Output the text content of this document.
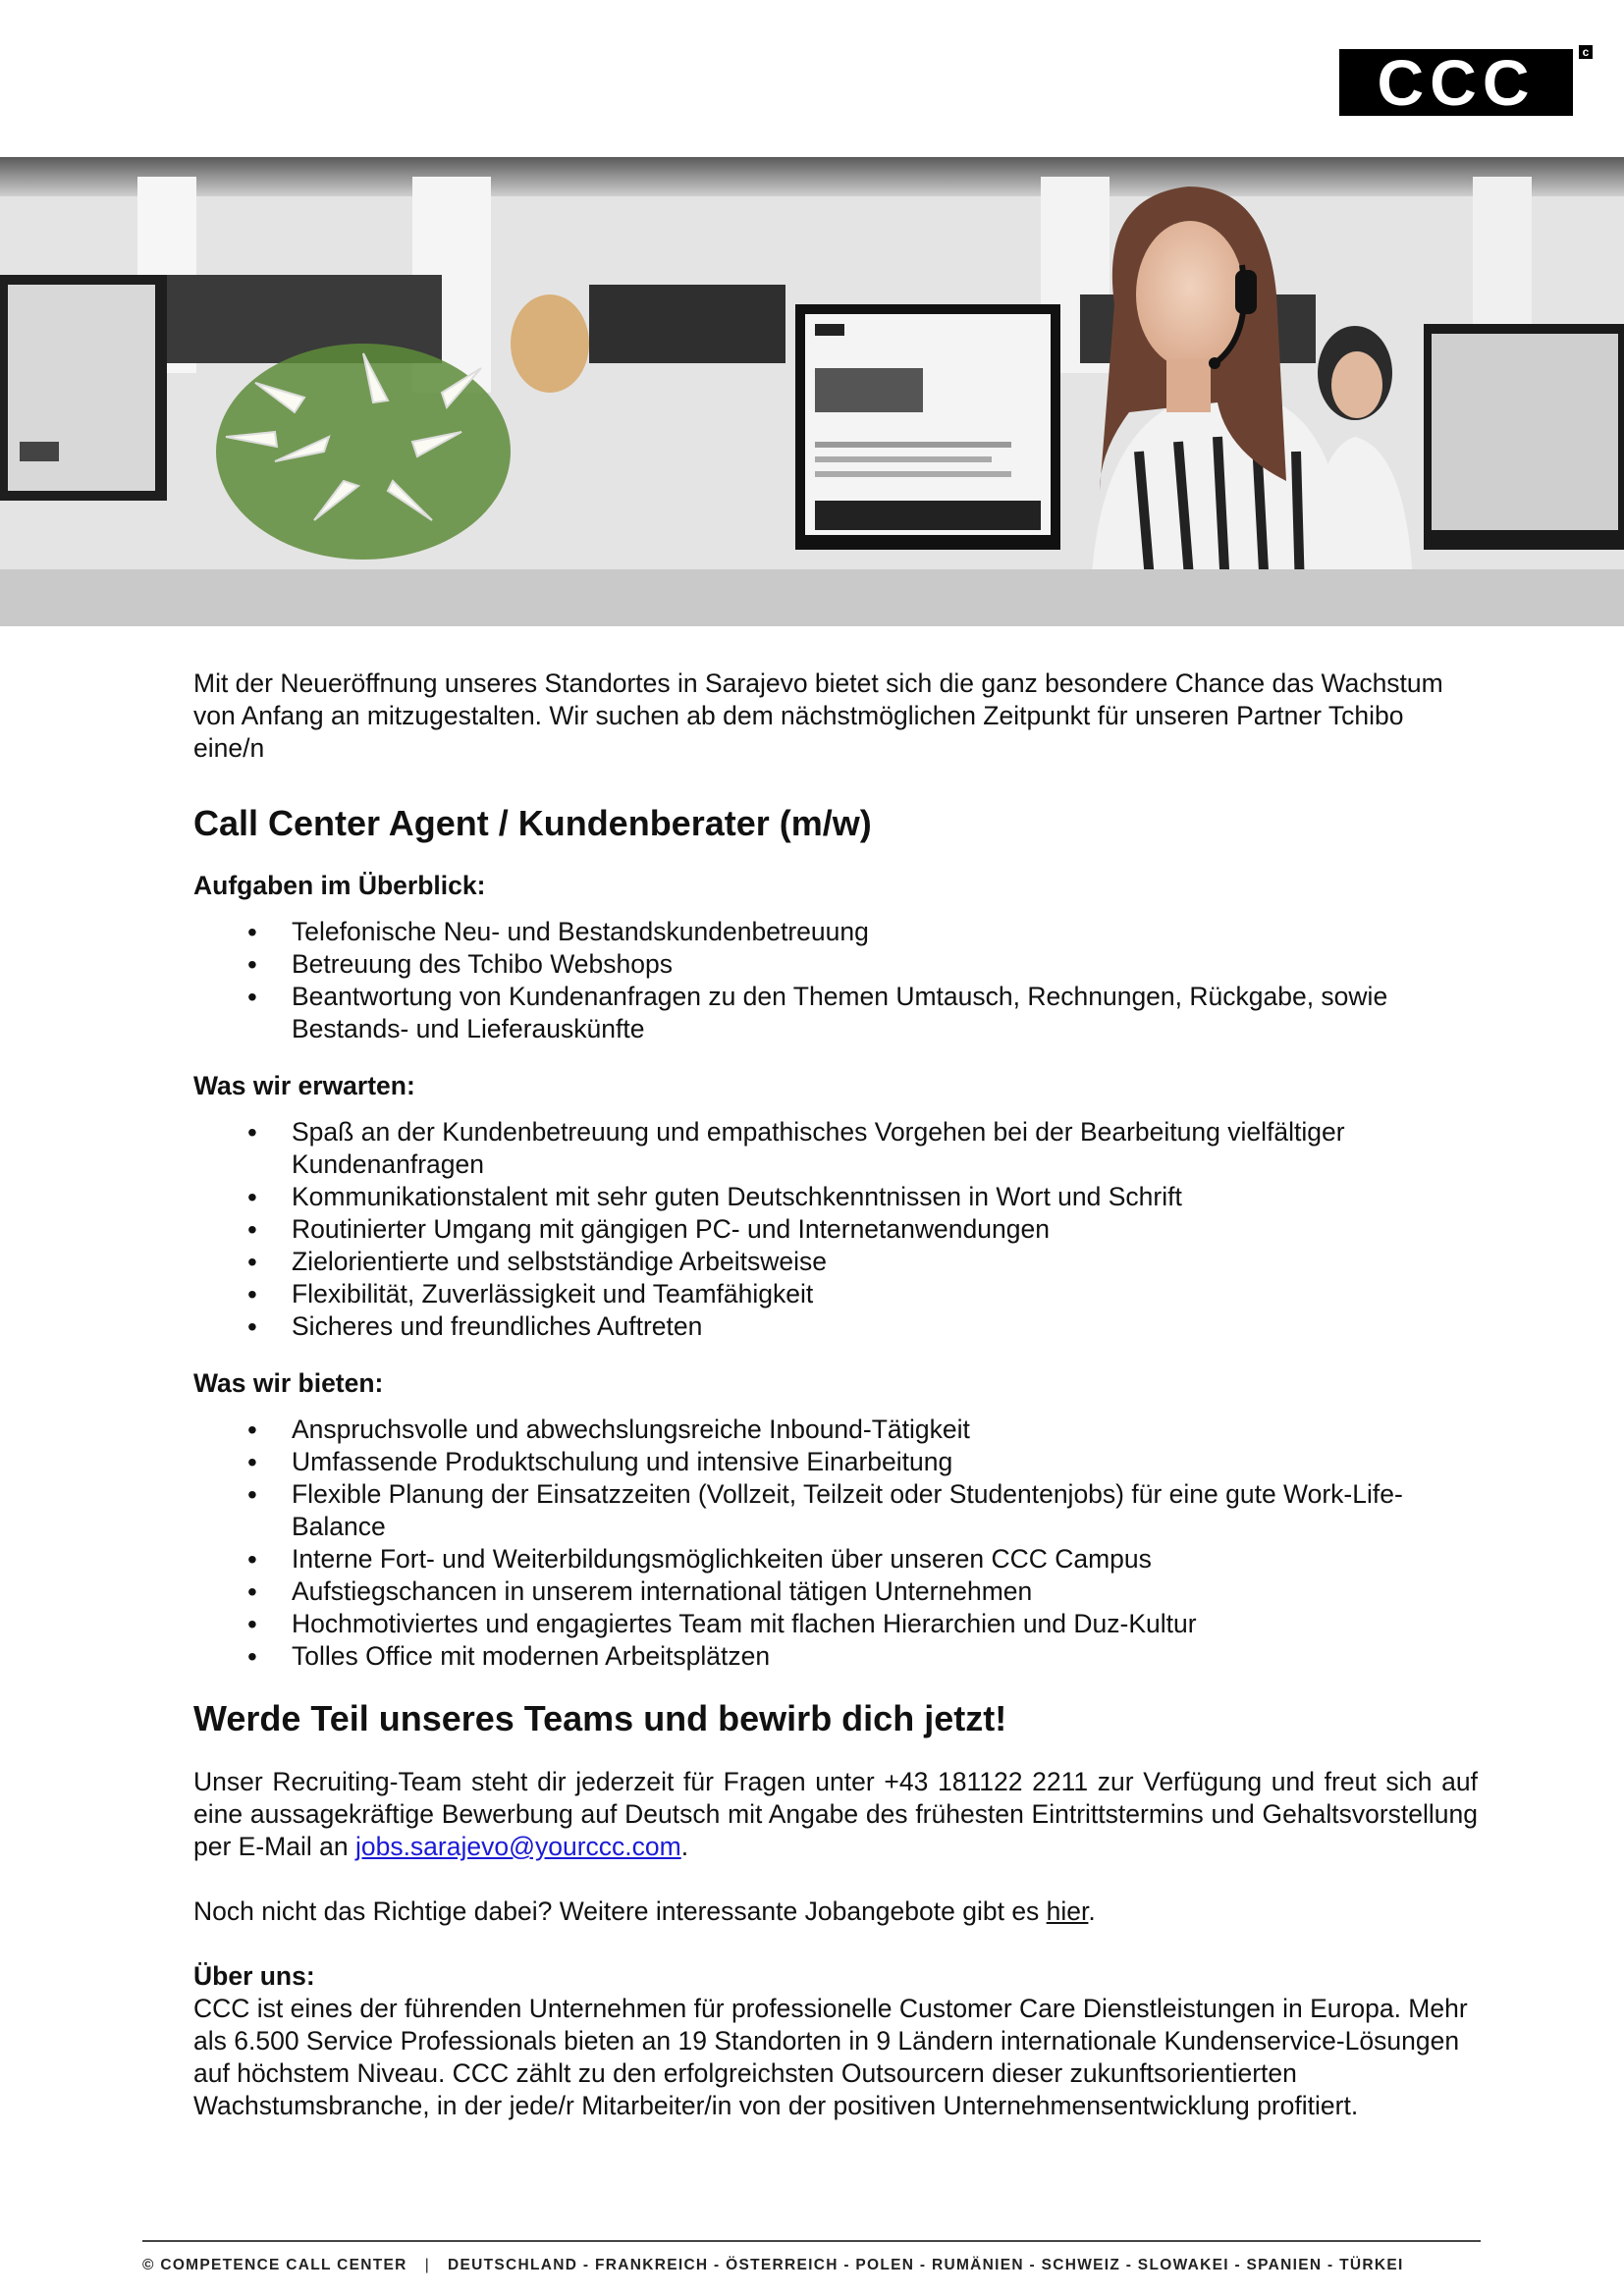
CCC	c

Mit der Neueröffnung unseres Standortes in Sarajevo bietet sich die ganz besondere Chance das Wachstum von Anfang an mitzugestalten. Wir suchen ab dem nächstmöglichen Zeitpunkt für unseren Partner Tchibo eine/n

Call Center Agent / Kundenberater (m/w)
Aufgaben im Überblick:
• Telefonische Neu- und Bestandskundenbetreuung
• Betreuung des Tchibo Webshops
• Beantwortung von Kundenanfragen zu den Themen Umtausch, Rechnungen, Rückgabe, sowie Bestands- und Lieferauskünfte
Was wir erwarten:
• Spaß an der Kundenbetreuung und empathisches Vorgehen bei der Bearbeitung vielfältiger Kundenanfragen
• Kommunikationstalent mit sehr guten Deutschkenntnissen in Wort und Schrift
• Routinierter Umgang mit gängigen PC- und Internetanwendungen
• Zielorientierte und selbstständige Arbeitsweise
• Flexibilität, Zuverlässigkeit und Teamfähigkeit
• Sicheres und freundliches Auftreten
Was wir bieten:
• Anspruchsvolle und abwechslungsreiche Inbound-Tätigkeit
• Umfassende Produktschulung und intensive Einarbeitung
• Flexible Planung der Einsatzzeiten (Vollzeit, Teilzeit oder Studentenjobs) für eine gute Work-Life-Balance
• Interne Fort- und Weiterbildungsmöglichkeiten über unseren CCC Campus
• Aufstiegschancen in unserem international tätigen Unternehmen
• Hochmotiviertes und engagiertes Team mit flachen Hierarchien und Duz-Kultur
• Tolles Office mit modernen Arbeitsplätzen
Werde Teil unseres Teams und bewirb dich jetzt!

Unser Recruiting-Team steht dir jederzeit für Fragen unter +43 181122 2211 zur Verfügung und freut sich auf eine aussagekräftige Bewerbung auf Deutsch mit Angabe des frühesten Eintrittstermins und Gehaltsvorstellung per E-Mail an jobs.sarajevo@yourccc.com.

Noch nicht das Richtige dabei? Weitere interessante Jobangebote gibt es hier.

Über uns:

CCC ist eines der führenden Unternehmen für professionelle Customer Care Dienstleistungen in Europa. Mehr als 6.500 Service Professionals bieten an 19 Standorten in 9 Ländern internationale Kundenservice-Lösungen auf höchstem Niveau. CCC zählt zu den erfolgreichsten Outsourcern dieser zukunftsorientierten Wachstumsbranche, in der jede/r Mitarbeiter/in von der positiven Unternehmensentwicklung profitiert.

© COMPETENCE CALL CENTER | DEUTSCHLAND - FRANKREICH - ÖSTERREICH - POLEN - RUMÄNIEN - SCHWEIZ - SLOWAKEI - SPANIEN - TÜRKEI
